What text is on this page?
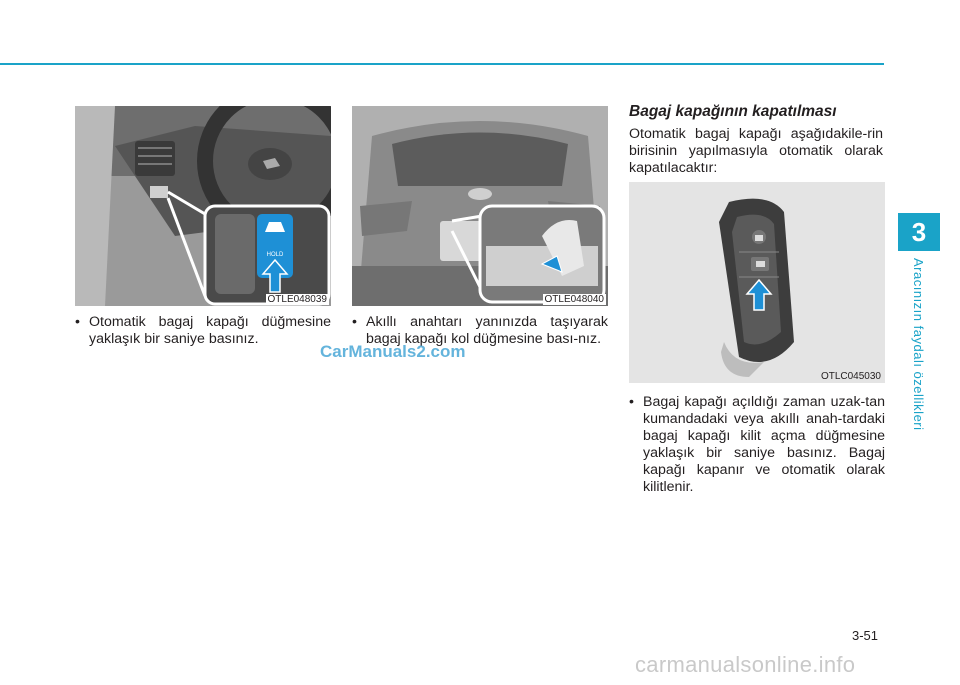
3
Aracınızın faydalı özellikleri
HOLD
OTLE048039	OTLE048040
OTLC045030
• Otomatik bagaj kapağı düğmesine yaklaşık bir saniye basınız.
• Akıllı anahtarı yanınızda taşıyarak bagaj kapağı kol düğmesine bası-nız.
Bagaj kapağının kapatılması
Otomatik bagaj kapağı aşağıdakile-rin birisinin yapılmasıyla otomatik olarak kapatılacaktır:
• Bagaj kapağı açıldığı zaman uzak-tan kumandadaki veya akıllı anah-tardaki bagaj kapağı kilit açma düğmesine yaklaşık bir saniye basınız. Bagaj kapağı kapanır ve otomatik olarak kilitlenir.
CarManuals2.com
3-51
carmanualsonline.info
